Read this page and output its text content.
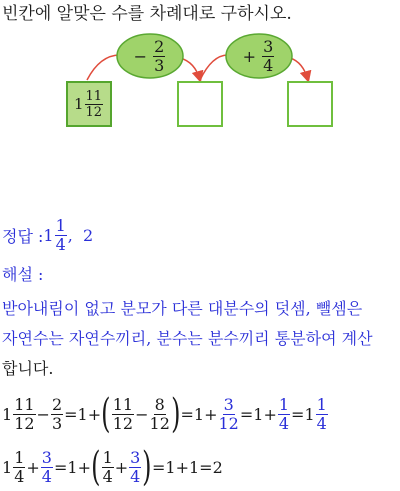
빈칸에 알맞은 수를 차례대로 구하시오.
−
$\frac{2}{3}$	+
$\frac{3}{4}$
$1 \frac{11}{12}$
정답 : $1 \frac{1}{4}$ , 2
해설 :
받아내림이 없고 분모가 다른 대분수의 덧셈, 뺄셈은
자연수는 자연수끼리, 분수는 분수끼리 통분하여 계산
합니다.
$1 \frac{11}{12} - \frac{2}{3} = 1$ + ( $\frac{11}{12} - \frac{8}{12}$ ) = $1 + \frac{3}{12} = 1 + \frac{1}{4} = 1 \frac{1}{4}$
$1 \frac{1}{4} + \frac{3}{4} = 1$ + ( $\frac{1}{4} + \frac{3}{4}$ ) = 1 + 1 = 2
